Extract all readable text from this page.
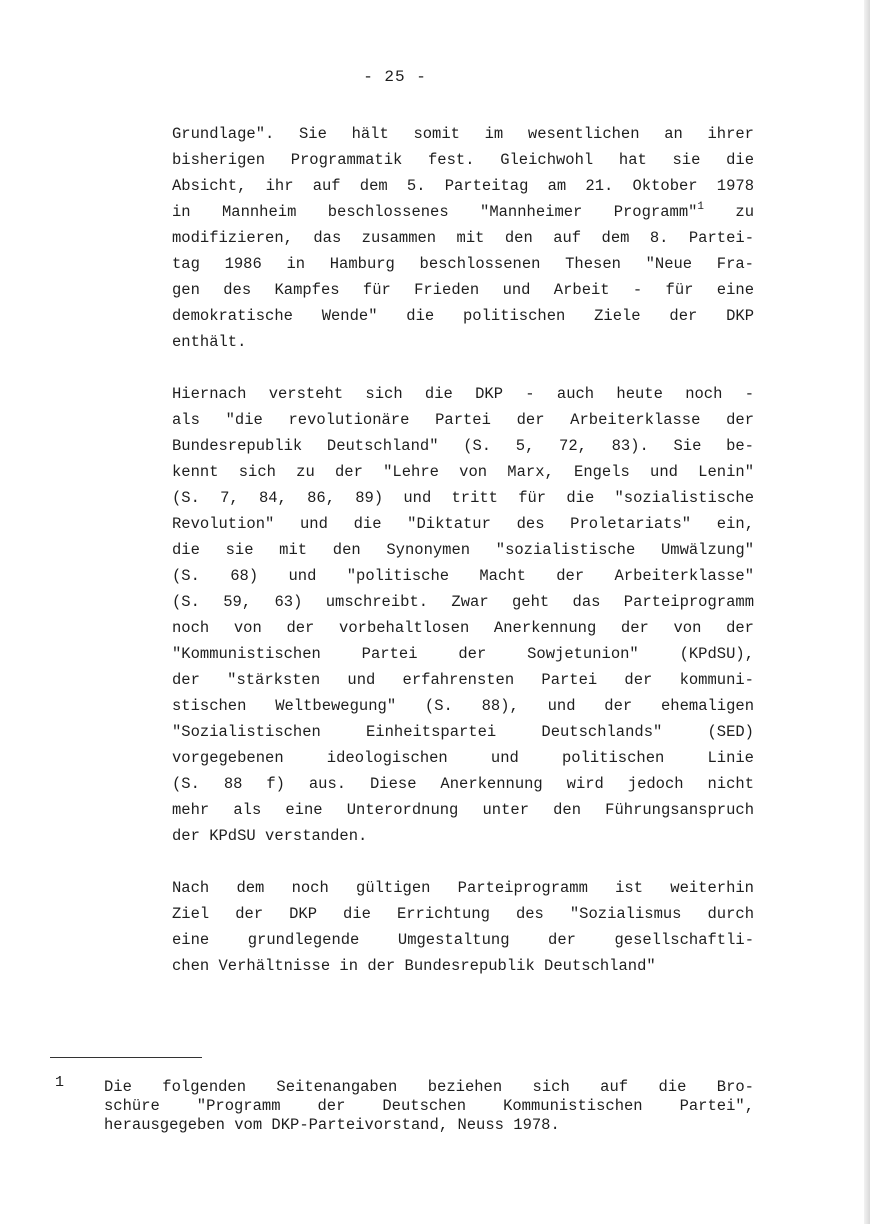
- 25 -
Grundlage". Sie hält somit im wesentlichen an ihrer
bisherigen Programmatik fest. Gleichwohl hat sie die
Absicht, ihr auf dem 5. Parteitag am 21. Oktober 1978
in Mannheim beschlossenes "Mannheimer Programm"$^1$ zu
modifizieren, das zusammen mit den auf dem 8. Partei-
tag 1986 in Hamburg beschlossenen Thesen "Neue Fra-
gen des Kampfes für Frieden und Arbeit - für eine
demokratische Wende" die politischen Ziele der DKP
enthält.
Hiernach versteht sich die DKP - auch heute noch -
als "die revolutionäre Partei der Arbeiterklasse der
Bundesrepublik Deutschland" (S. 5, 72, 83). Sie be-
kennt sich zu der "Lehre von Marx, Engels und Lenin"
(S. 7, 84, 86, 89) und tritt für die "sozialistische
Revolution" und die "Diktatur des Proletariats" ein,
die sie mit den Synonymen "sozialistische Umwälzung"
(S. 68) und "politische Macht der Arbeiterklasse"
(S. 59, 63) umschreibt. Zwar geht das Parteiprogramm
noch von der vorbehaltlosen Anerkennung der von der
"Kommunistischen Partei der Sowjetunion" (KPdSU),
der "stärksten und erfahrensten Partei der kommuni-
stischen Weltbewegung" (S. 88), und der ehemaligen
"Sozialistischen Einheitspartei Deutschlands" (SED)
vorgegebenen ideologischen und politischen Linie
(S. 88 f) aus. Diese Anerkennung wird jedoch nicht
mehr als eine Unterordnung unter den Führungsanspruch
der KPdSU verstanden.
Nach dem noch gültigen Parteiprogramm ist weiterhin
Ziel der DKP die Errichtung des "Sozialismus durch
eine grundlegende Umgestaltung der gesellschaftli-
chen Verhältnisse in der Bundesrepublik Deutschland"
1	Die folgenden Seitenangaben beziehen sich auf die Bro-
schüre "Programm der Deutschen Kommunistischen Partei",
herausgegeben vom DKP-Parteivorstand, Neuss 1978.
